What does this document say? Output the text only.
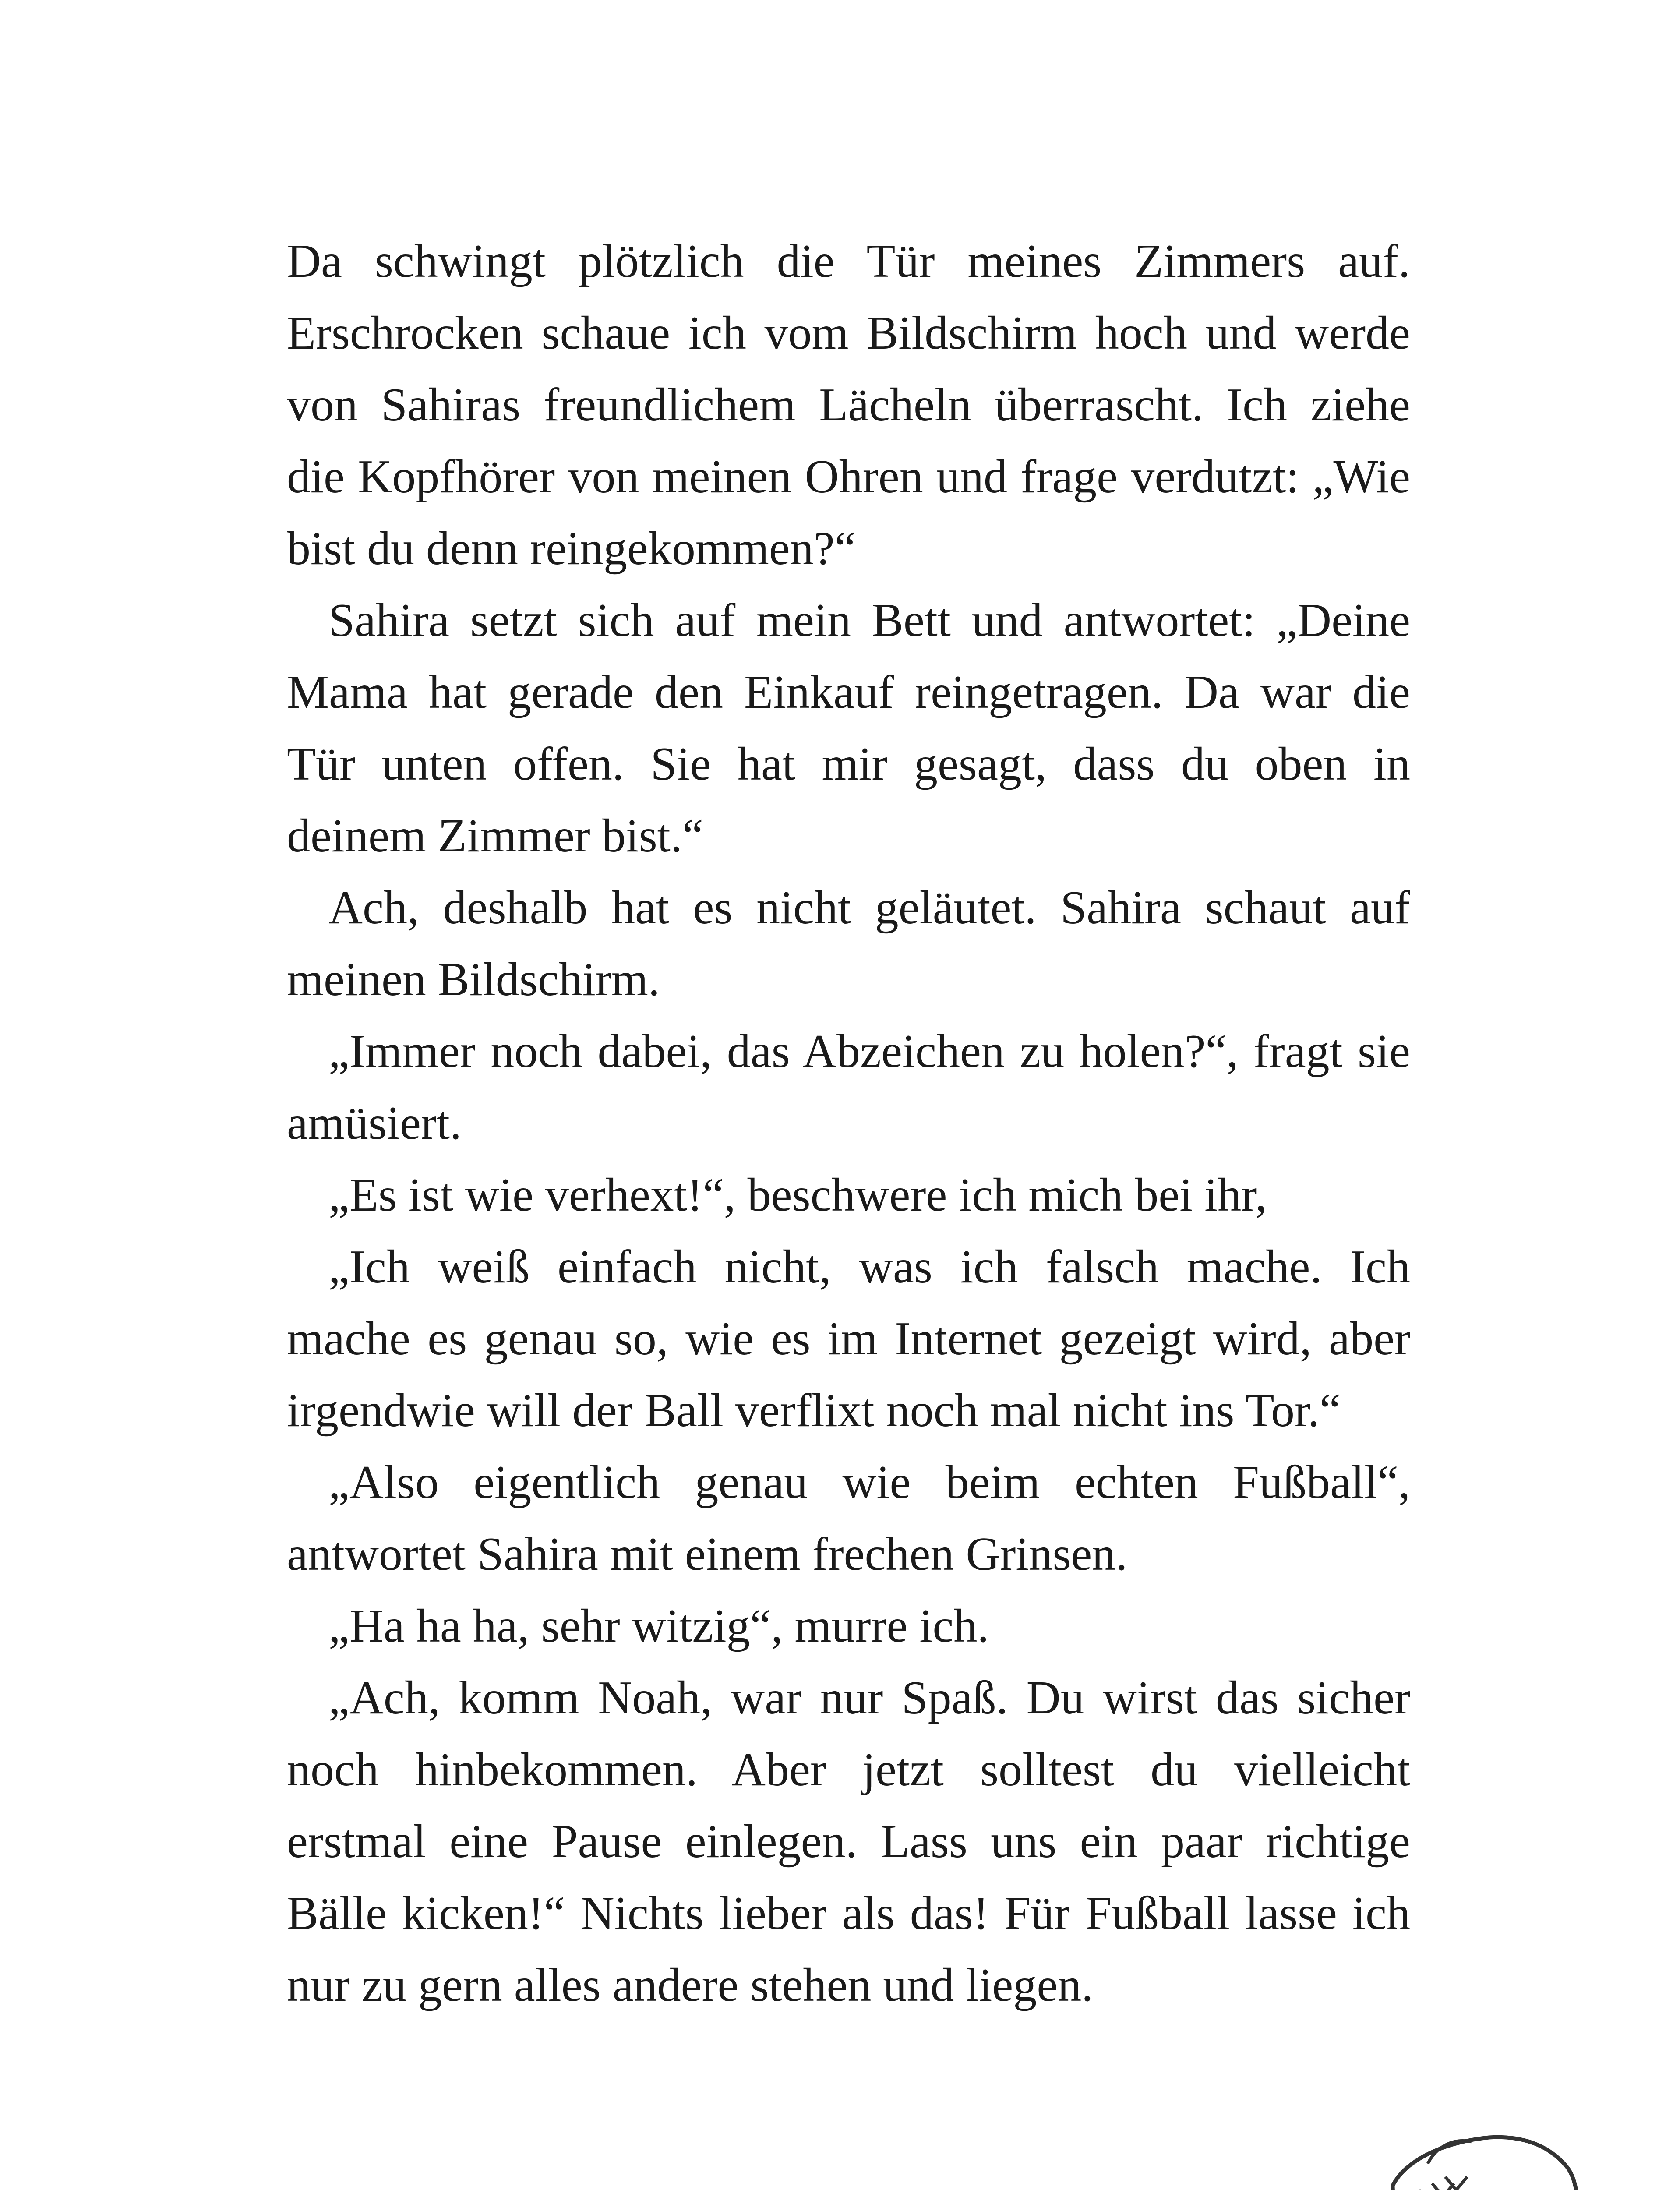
Da schwingt plötzlich die Tür meines Zimmers auf. Erschrocken schaue ich vom Bildschirm hoch und werde von Sahiras freundlichem Lächeln überrascht. Ich ziehe die Kopfhörer von meinen Ohren und frage verdutzt: „Wie bist du denn reingekommen?“

Sahira setzt sich auf mein Bett und antwortet: „Deine Mama hat gerade den Einkauf reingetragen. Da war die Tür unten offen. Sie hat mir gesagt, dass du oben in deinem Zimmer bist.“

Ach, deshalb hat es nicht geläutet. Sahira schaut auf meinen Bildschirm.

„Immer noch dabei, das Abzeichen zu holen?“, fragt sie amüsiert.

„Es ist wie verhext!“, beschwere ich mich bei ihr,

„Ich weiß einfach nicht, was ich falsch mache. Ich mache es genau so, wie es im Internet gezeigt wird, aber irgendwie will der Ball verflixt noch mal nicht ins Tor.“

„Also eigentlich genau wie beim echten Fußball“, antwortet Sahira mit einem frechen Grinsen.

„Ha ha ha, sehr witzig“, murre ich.

„Ach, komm Noah, war nur Spaß. Du wirst das sicher noch hinbekommen. Aber jetzt solltest du vielleicht erstmal eine Pause einlegen. Lass uns ein paar richtige Bälle kicken!“ Nichts lieber als das! Für Fußball lasse ich nur zu gern alles andere stehen und liegen.
